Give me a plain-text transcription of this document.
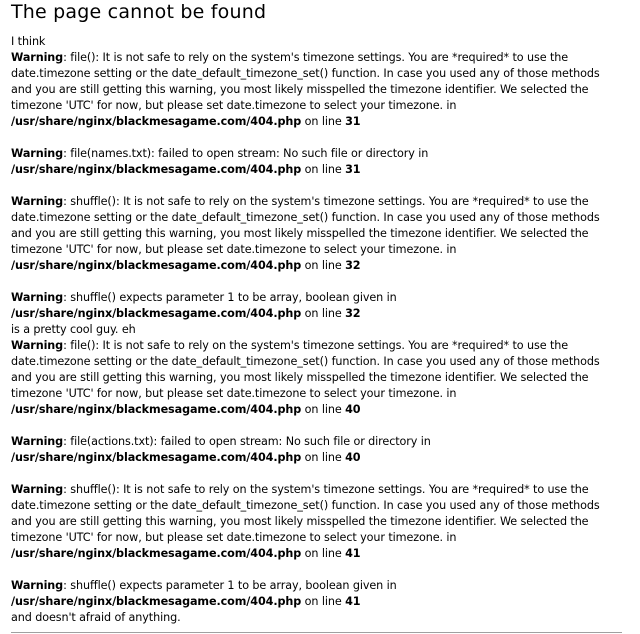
The page cannot be found
I think
Warning: file(): It is not safe to rely on the system's timezone settings. You are *required* to use the
date.timezone setting or the date_default_timezone_set() function. In case you used any of those methods
and you are still getting this warning, you most likely misspelled the timezone identifier. We selected the
timezone 'UTC' for now, but please set date.timezone to select your timezone. in
/usr/share/nginx/blackmesagame.com/404.php on line 31
Warning: file(names.txt): failed to open stream: No such file or directory in
/usr/share/nginx/blackmesagame.com/404.php on line 31
Warning: shuffle(): It is not safe to rely on the system's timezone settings. You are *required* to use the
date.timezone setting or the date_default_timezone_set() function. In case you used any of those methods
and you are still getting this warning, you most likely misspelled the timezone identifier. We selected the
timezone 'UTC' for now, but please set date.timezone to select your timezone. in
/usr/share/nginx/blackmesagame.com/404.php on line 32
Warning: shuffle() expects parameter 1 to be array, boolean given in
/usr/share/nginx/blackmesagame.com/404.php on line 32
is a pretty cool guy. eh
Warning: file(): It is not safe to rely on the system's timezone settings. You are *required* to use the
date.timezone setting or the date_default_timezone_set() function. In case you used any of those methods
and you are still getting this warning, you most likely misspelled the timezone identifier. We selected the
timezone 'UTC' for now, but please set date.timezone to select your timezone. in
/usr/share/nginx/blackmesagame.com/404.php on line 40
Warning: file(actions.txt): failed to open stream: No such file or directory in
/usr/share/nginx/blackmesagame.com/404.php on line 40
Warning: shuffle(): It is not safe to rely on the system's timezone settings. You are *required* to use the
date.timezone setting or the date_default_timezone_set() function. In case you used any of those methods
and you are still getting this warning, you most likely misspelled the timezone identifier. We selected the
timezone 'UTC' for now, but please set date.timezone to select your timezone. in
/usr/share/nginx/blackmesagame.com/404.php on line 41
Warning: shuffle() expects parameter 1 to be array, boolean given in
/usr/share/nginx/blackmesagame.com/404.php on line 41
and doesn't afraid of anything.
